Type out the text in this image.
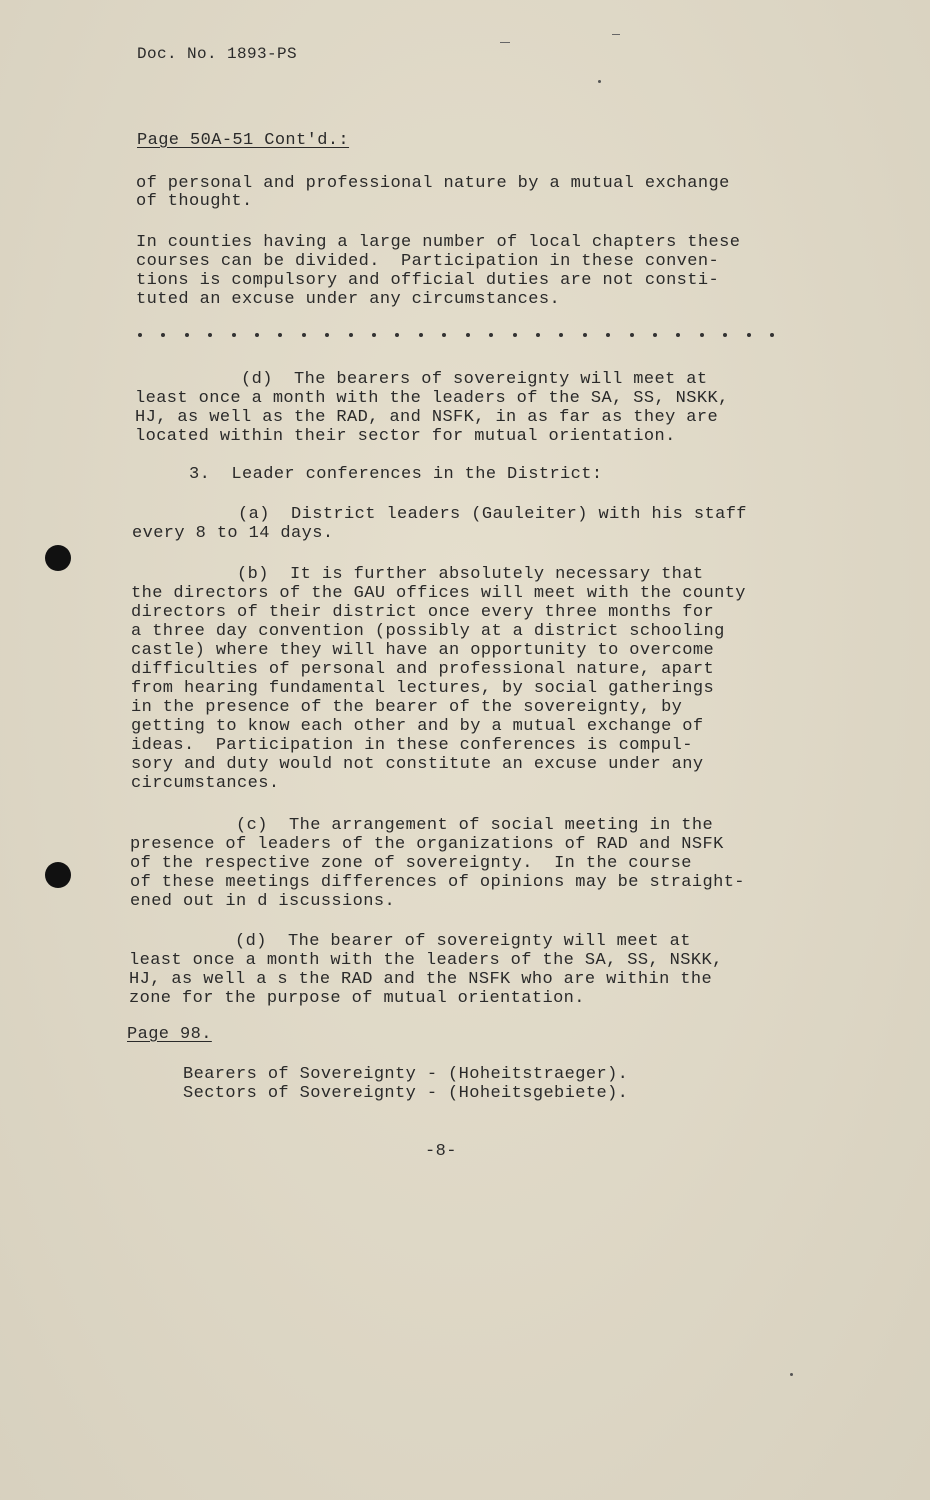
Doc. No. 1893-PS
Page 50A-51 Cont'd.:
of personal and professional nature by a mutual exchange
of thought.
In counties having a large number of local chapters these
courses can be divided.  Participation in these conven-
tions is compulsory and official duties are not consti-
tuted an excuse under any circumstances.
(d)  The bearers of sovereignty will meet at
least once a month with the leaders of the SA, SS, NSKK,
HJ, as well as the RAD, and NSFK, in as far as they are
located within their sector for mutual orientation.
3.  Leader conferences in the District:
(a)  District leaders (Gauleiter) with his staff
every 8 to 14 days.
(b)  It is further absolutely necessary that
the directors of the GAU offices will meet with the county
directors of their district once every three months for
a three day convention (possibly at a district schooling
castle) where they will have an opportunity to overcome
difficulties of personal and professional nature, apart
from hearing fundamental lectures, by social gatherings
in the presence of the bearer of the sovereignty, by
getting to know each other and by a mutual exchange of
ideas.  Participation in these conferences is compul-
sory and duty would not constitute an excuse under any
circumstances.
(c)  The arrangement of social meeting in the
presence of leaders of the organizations of RAD and NSFK
of the respective zone of sovereignty.  In the course
of these meetings differences of opinions may be straight-
ened out in d iscussions.
(d)  The bearer of sovereignty will meet at
least once a month with the leaders of the SA, SS, NSKK,
HJ, as well a s the RAD and the NSFK who are within the
zone for the purpose of mutual orientation.
Page 98.
Bearers of Sovereignty - (Hoheitstraeger).
Sectors of Sovereignty - (Hoheitsgebiete).
-8-
